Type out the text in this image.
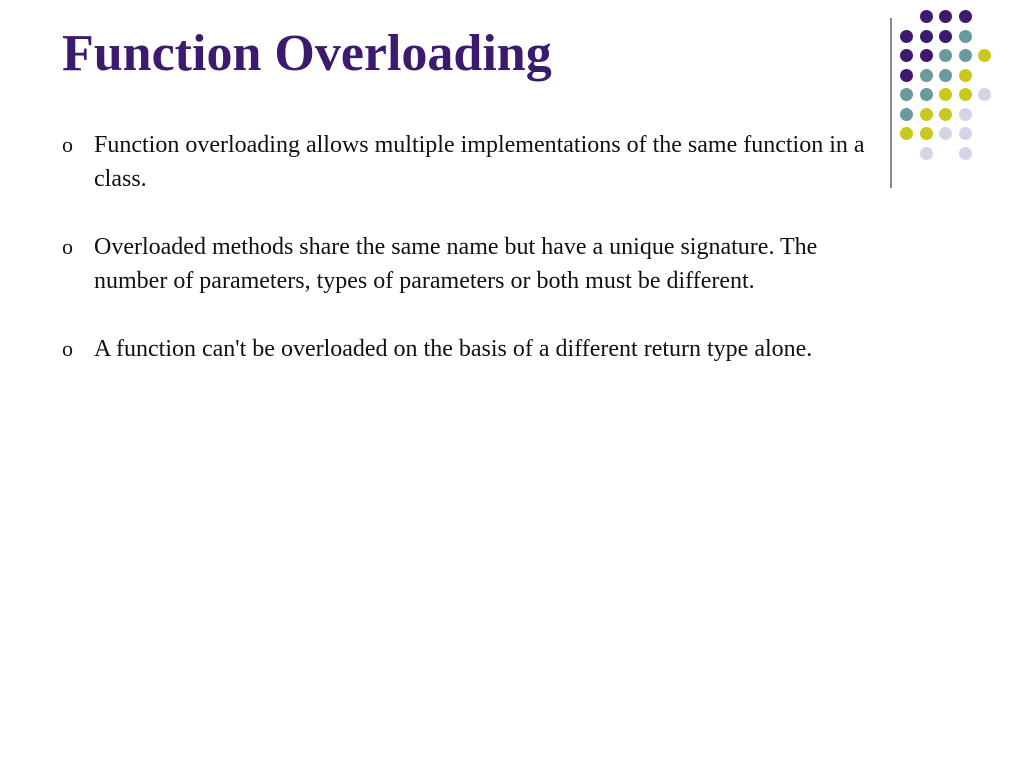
Function Overloading
o Function overloading allows multiple implementations of the same function in a class.
o Overloaded methods share the same name but have a unique signature. The number of parameters, types of parameters or both must be different.
o A function can't be overloaded on the basis of a different return type alone.
